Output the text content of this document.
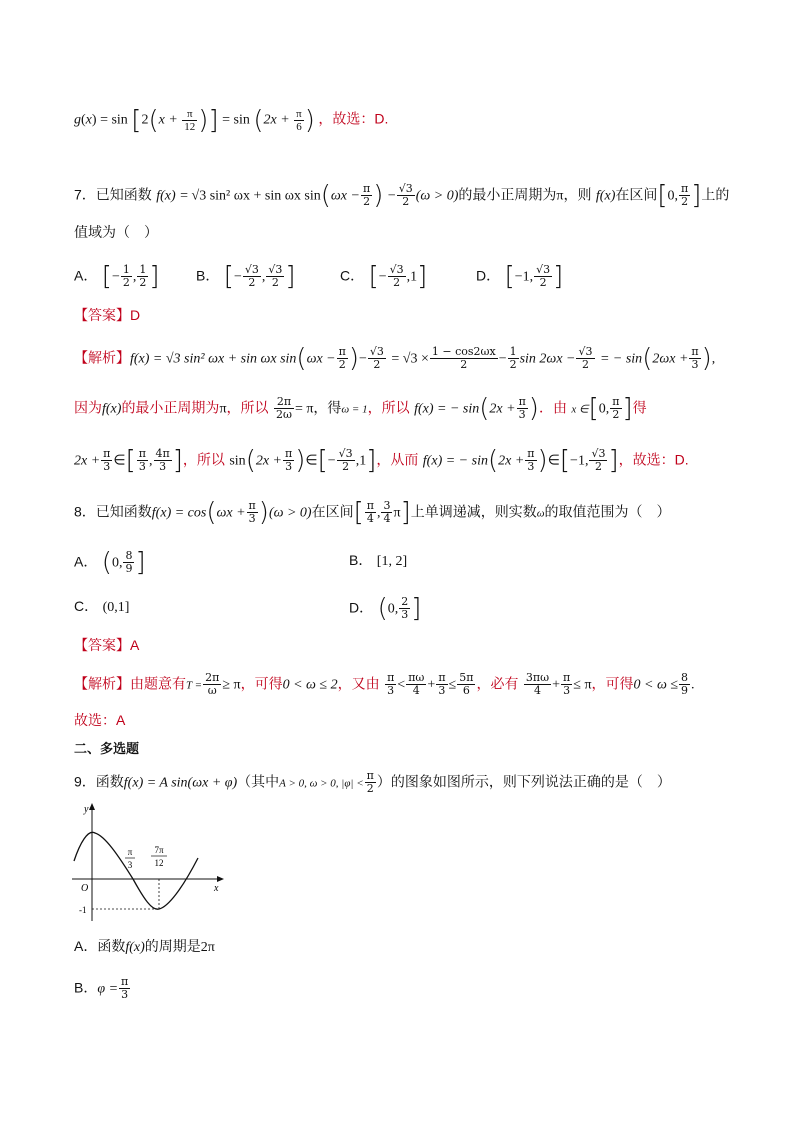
$g(x) = \sin [2(x + \frac{\pi}{12}$ )] = $\sin (2x + \frac{\pi}{6}$ ) ，故选：D.
7．已知函数 f(x) = √3 sin² ωx + sin ωx $\sin(\omega x - \frac{\pi}{2}$ ) − $\frac{√3}{2} (\omega > 0)$的最小正周期为π，则 f(x)在区间[0, $\frac{\pi}{2}$ ]上的
值域为（　）
A． [− $\frac{1}{2}$ , $\frac{1}{2}$ ]	B． [− $\frac{√3}{2}$ , $\frac{√3}{2}$ ]	C． [− $\frac{√3}{2} ,1$]	D． [−1, $\frac{√3}{2}$ ]
【答案】D
【解析】f(x) = √3 sin² ωx + sin ωx $\sin(\omega x - \frac{\pi}{2}$ )− $\frac{√3}{2} = √3 \times \frac{1 - \cos 2\omega x}{2} - \frac{1}{2}$ $\sin 2\omega x - \frac{√3}{2}$ = − $\sin(2\omega x + \frac{\pi}{3}$ ),
因为f(x)的最小正周期为π，所以 $\frac{2\pi}{2\omega} = \pi$，得ω = 1，所以 f(x) = − $\sin(2x + \frac{\pi}{3}$ )．由 x ∈[0, $\frac{\pi}{2}$ ]得
$2x + \frac{\pi}{3}$ ∈[ $\frac{\pi}{3}$ , $\frac{4\pi}{3}$ ]，所以 $\sin(2x + \frac{\pi}{3}$ )∈[− $\frac{√3}{2} ,1$]，从而 f(x) = − $\sin(2x + \frac{\pi}{3}$ )∈[−1, $\frac{√3}{2}$ ]，故选：D.
8．已知函数$f(x) = \cos(\omega x + \frac{\pi}{3} )(\omega > 0)$在区间[ $\frac{\pi}{4}$ , $\frac{3}{4} \pi$]上单调递减，则实数ω的取值范围为（　）
A． (0, $\frac{8}{9}$ ]	B． [1, 2]
C． (0,1]	D． (0, $\frac{2}{3}$ ]
【答案】A
【解析】由题意有$T = \frac{2\pi}{\omega} \ge \pi$，可得0 < ω ≤ 2，又由 $\frac{\pi}{3} < \frac{\pi\omega}{4} + \frac{\pi}{3} \le \frac{5\pi}{6}$ ，必有 $\frac{3\pi\omega}{4} + \frac{\pi}{3} \le \pi$，可得$0 < \omega \le \frac{8}{9}$ .
故选：A
二、多选题
9．函数f(x) = A sin(ωx + φ)（其中A > 0, ω > 0, $|\varphi| < \frac{\pi}{2}$ ）的图象如图所示，则下列说法正确的是（　）
y
x
O
π
3
7π
12
-1
A．函数f(x)的周期是2π
B．$\varphi = \frac{\pi}{3}$
